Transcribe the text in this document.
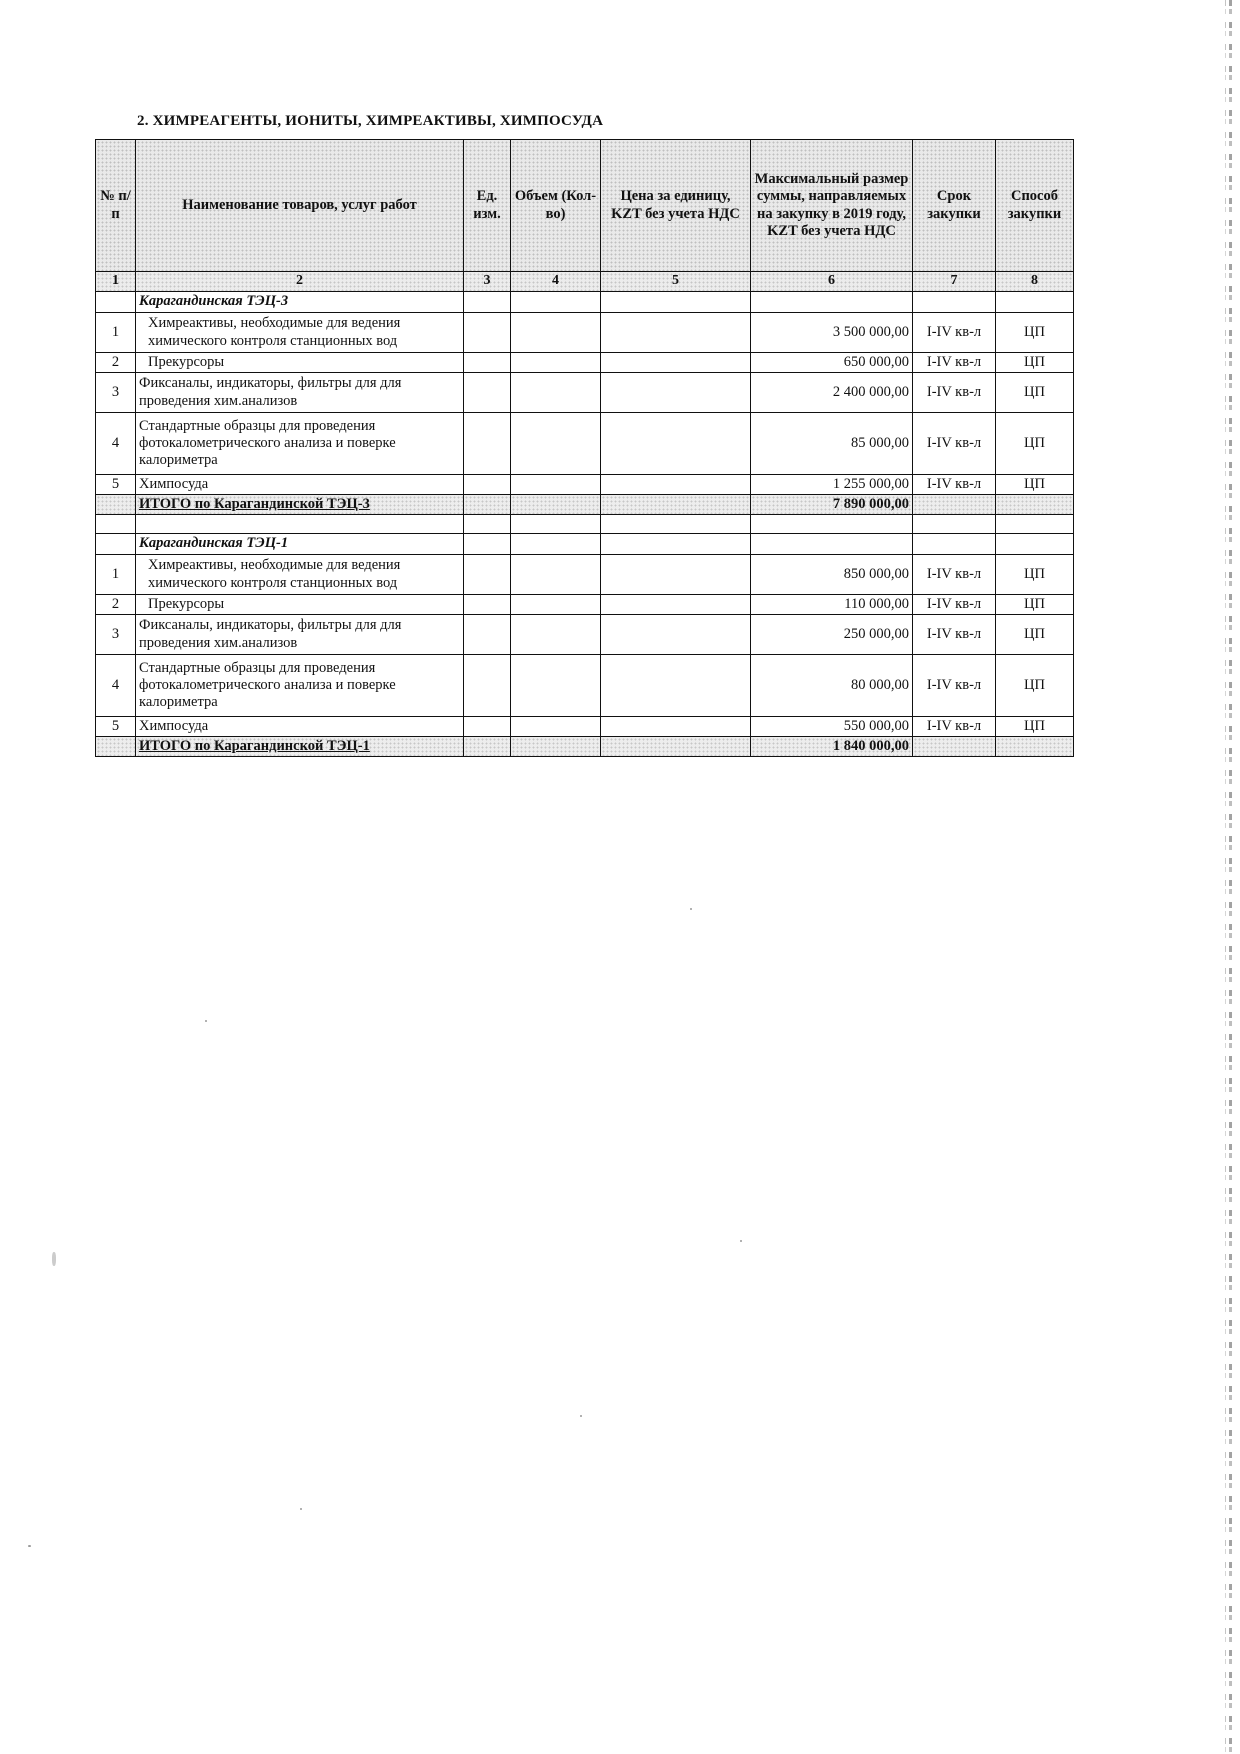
2. ХИМРЕАГЕНТЫ, ИОНИТЫ, ХИМРЕАКТИВЫ, ХИМПОСУДА
№ п/п	Наименование товаров, услуг работ	Ед. изм.	Объем (Кол-во)	Цена за единицу, KZT без учета НДС	Максимальный размер суммы, направляемых на закупку в 2019 году, KZT без учета НДС	Срок закупки	Способ закупки
1	2	3	4	5	6	7	8
	Карагандинская ТЭЦ-3						
1	Химреактивы, необходимые для ведения химического контроля станционных вод				3 500 000,00	I-IV кв-л	ЦП
2	Прекурсоры				650 000,00	I-IV кв-л	ЦП
3	Фиксаналы, индикаторы, фильтры для для проведения хим.анализов				2 400 000,00	I-IV кв-л	ЦП
4	Стандартные образцы для проведения фотокалометрического анализа и поверке калориметра				85 000,00	I-IV кв-л	ЦП
5	Химпосуда				1 255 000,00	I-IV кв-л	ЦП
	ИТОГО по Карагандинской ТЭЦ-3				7 890 000,00		

	Карагандинская ТЭЦ-1						
1	Химреактивы, необходимые для ведения химического контроля станционных вод				850 000,00	I-IV кв-л	ЦП
2	Прекурсоры				110 000,00	I-IV кв-л	ЦП
3	Фиксаналы, индикаторы, фильтры для для проведения хим.анализов				250 000,00	I-IV кв-л	ЦП
4	Стандартные образцы для проведения фотокалометрического анализа и поверке калориметра				80 000,00	I-IV кв-л	ЦП
5	Химпосуда				550 000,00	I-IV кв-л	ЦП
	ИТОГО по Карагандинской ТЭЦ-1				1 840 000,00		
